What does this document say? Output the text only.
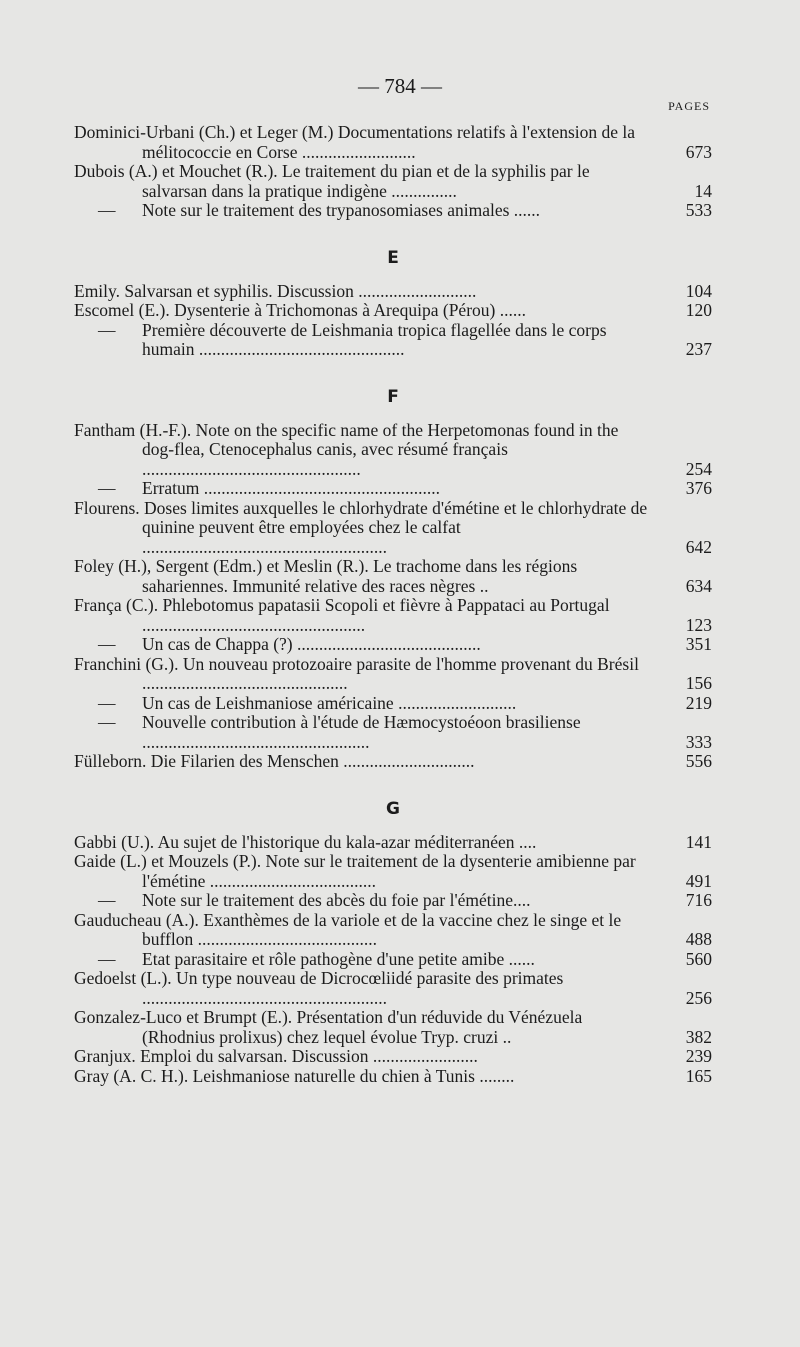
— 784 —
PAGES
Dominici-Urbani (Ch.) et Leger (M.) Documentations relatifs à l'extension de la mélitococcie en Corse ..........................	673
Dubois (A.) et Mouchet (R.). Le traitement du pian et de la syphilis par le salvarsan dans la pratique indigène ...............	14
— Note sur le traitement des trypanosomiases animales ......	533
E
Emily. Salvarsan et syphilis. Discussion ...........................	104
Escomel (E.). Dysenterie à Trichomonas à Arequipa (Pérou) ......	120
— Première découverte de Leishmania tropica flagellée dans le corps humain ...............................................	237
F
Fantham (H.-F.). Note on the specific name of the Herpetomonas found in the dog-flea, Ctenocephalus canis, avec résumé français ..................................................	254
— Erratum ......................................................	376
Flourens. Doses limites auxquelles le chlorhydrate d'émétine et le chlorhydrate de quinine peuvent être employées chez le calfat ........................................................	642
Foley (H.), Sergent (Edm.) et Meslin (R.). Le trachome dans les régions sahariennes. Immunité relative des races nègres ..	634
França (C.). Phlebotomus papatasii Scopoli et fièvre à Pappataci au Portugal ...................................................	123
— Un cas de Chappa (?) ..........................................	351
Franchini (G.). Un nouveau protozoaire parasite de l'homme provenant du Brésil ...............................................	156
— Un cas de Leishmaniose américaine ...........................	219
— Nouvelle contribution à l'étude de Hæmocystoéoon brasiliense ....................................................	333
Fülleborn. Die Filarien des Menschen ..............................	556
G
Gabbi (U.). Au sujet de l'historique du kala-azar méditerranéen ....	141
Gaide (L.) et Mouzels (P.). Note sur le traitement de la dysenterie amibienne par l'émétine ......................................	491
— Note sur le traitement des abcès du foie par l'émétine....	716
Gauducheau (A.). Exanthèmes de la variole et de la vaccine chez le singe et le bufflon .........................................	488
— Etat parasitaire et rôle pathogène d'une petite amibe ......	560
Gedoelst (L.). Un type nouveau de Dicrocœliidé parasite des primates ........................................................	256
Gonzalez-Luco et Brumpt (E.). Présentation d'un réduvide du Vénézuela (Rhodnius prolixus) chez lequel évolue Tryp. cruzi ..	382
Granjux. Emploi du salvarsan. Discussion ........................	239
Gray (A. C. H.). Leishmaniose naturelle du chien à Tunis ........	165
